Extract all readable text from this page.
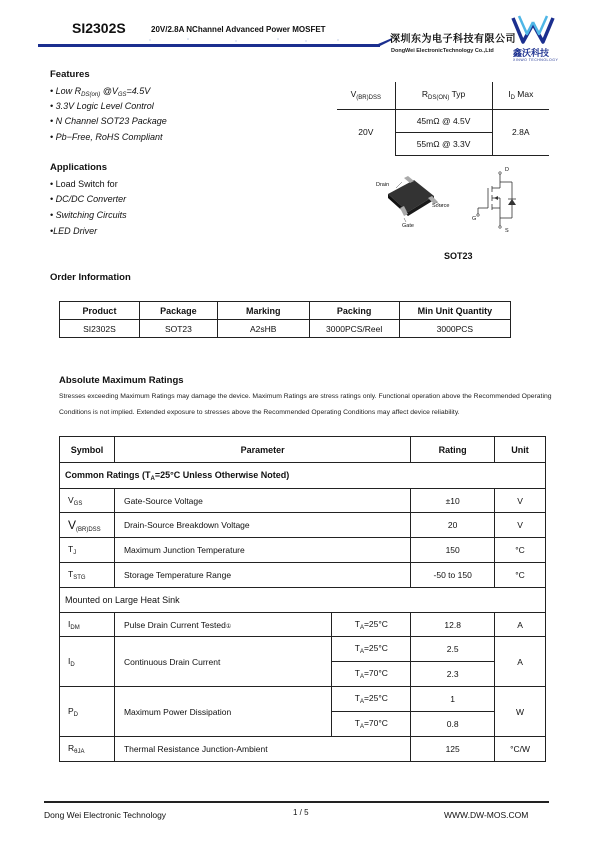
SI2302S	20V/2.8A NChannel Advanced Power MOSFET
深圳东为电子科技有限公司
DongWei ElectronicTechnology Co.,Ltd 鑫沃科技
XINWO TECHNOLOGY
Features
• Low $R_{DS(on)}$ $@V_{GS}=4.5V$
• 3.3V Logic Level Control
• N Channel SOT23 Package
• Pb−Free, RoHS Compliant
$V_{(BR)DSS}$	$R_{DS(ON)}$ Typ	$I_D$ Max
20V	45mΩ @ 4.5V	2.8A
	55mΩ @ 3.3V	
Applications
• Load Switch for
• DC/DC Converter
• Switching Circuits
•LED Driver
Drain
Source
Gate
D
G
S
SOT23
Order Information
Product	Package	Marking	Packing	Min Unit Quantity
SI2302S	SOT23	A2sHB	3000PCS/Reel	3000PCS
Absolute Maximum Ratings
Stresses exceeding Maximum Ratings may damage the device. Maximum Ratings are stress ratings only. Functional operation above the Recommended Operating Conditions is not implied. Extended exposure to stresses above the Recommended Operating Conditions may affect device reliability.
Symbol	Parameter		Rating	Unit
Common Ratings ($T_A=25^\circ C$ Unless Otherwise Noted)				
$V_{GS}$	Gate-Source Voltage		±10	V
$V_{(BR)DSS}$	Drain-Source Breakdown Voltage		20	V
$T_J$	Maximum Junction Temperature		150	°C
$T_{STG}$	Storage Temperature Range		-50 to 150	°C
Mounted on Large Heat Sink				
$I_{DM}$	Pulse Drain Current Tested①	$T_A=25^\circ C$	12.8	A
$I_D$	Continuous Drain Current	$T_A=25^\circ C$	2.5	A
		$T_A=70^\circ C$	2.3	
$P_D$	Maximum Power Dissipation	$T_A=25^\circ C$	1	W
		$T_A=70^\circ C$	0.8	
$R_{\theta JA}$	Thermal Resistance Junction-Ambient		125	°C/W
Dong Wei Electronic Technology	1 / 5	WWW.DW-MOS.COM
